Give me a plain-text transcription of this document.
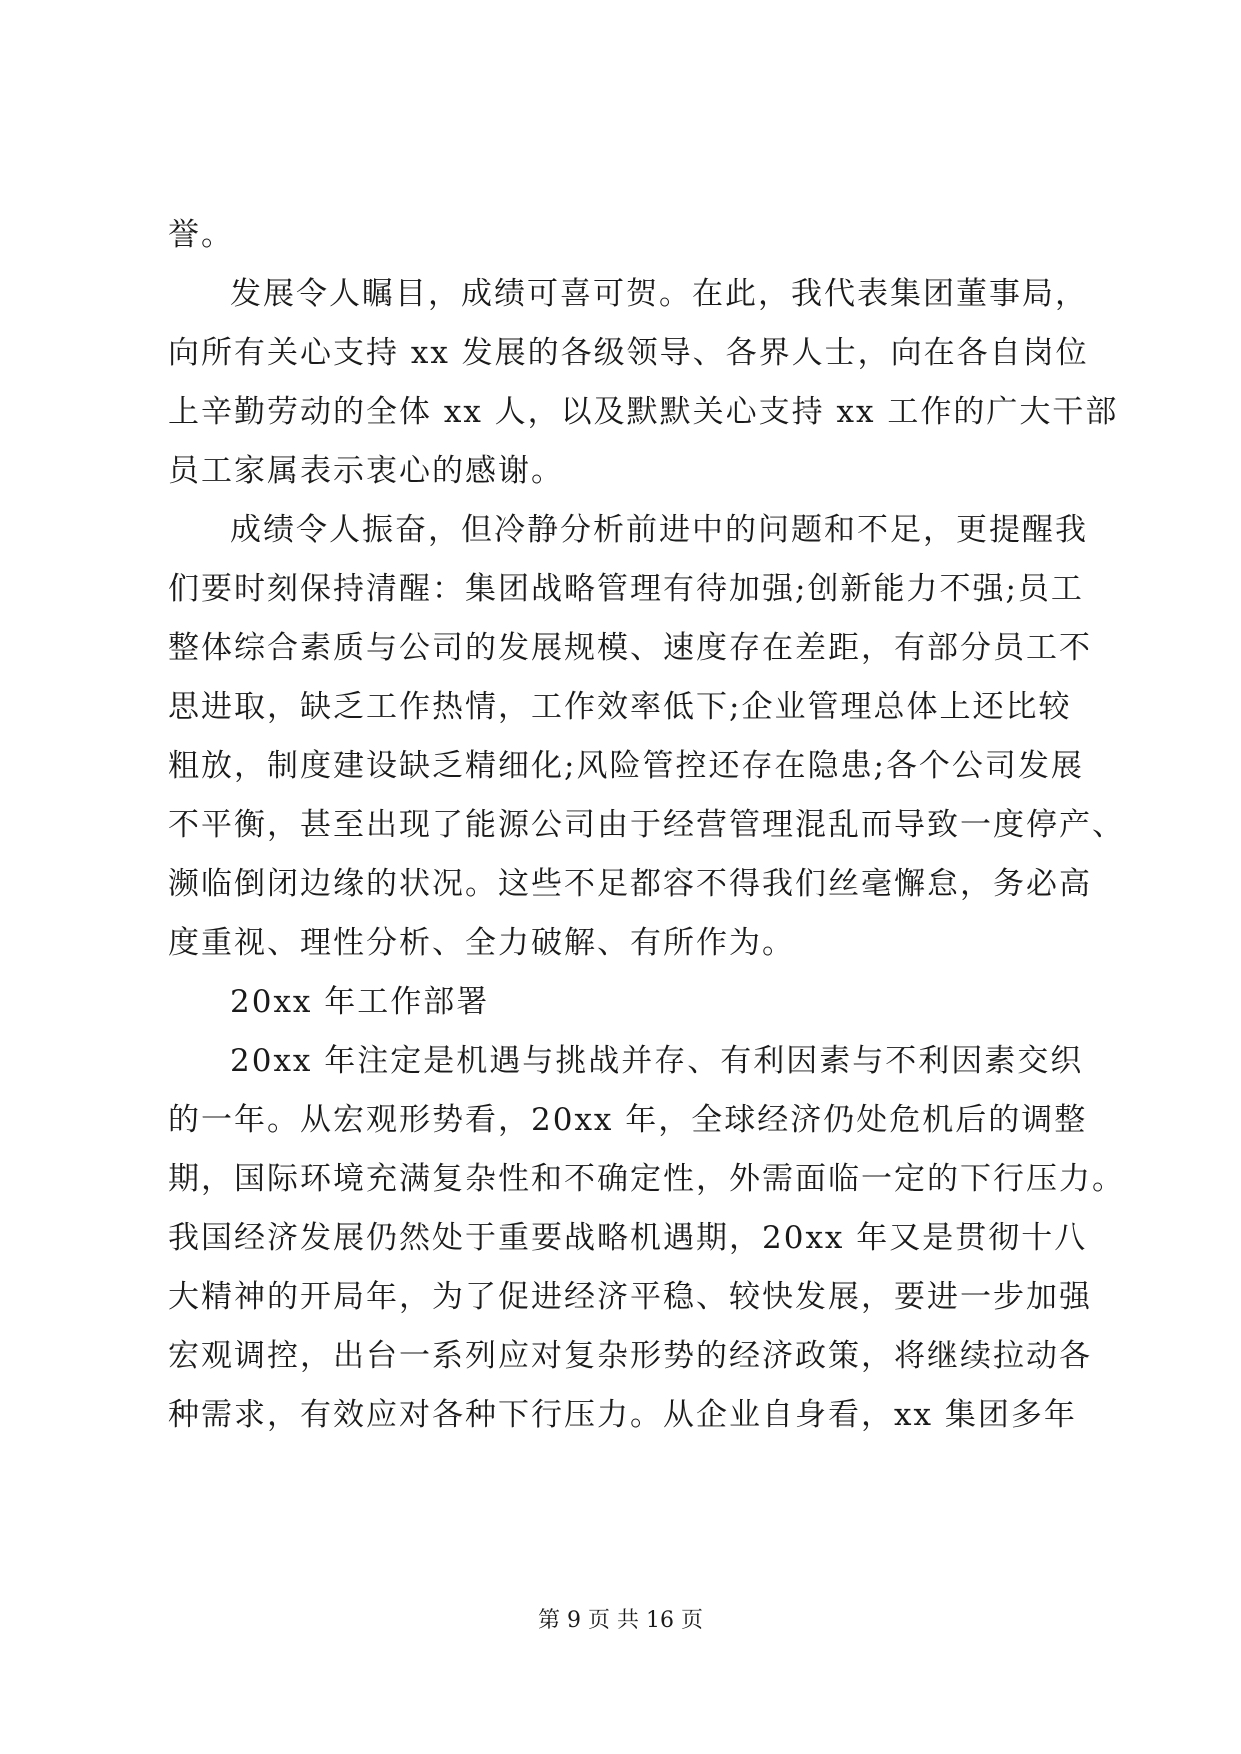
誉。
发展令人瞩目，成绩可喜可贺。在此，我代表集团董事局，
向所有关心支持 xx 发展的各级领导、各界人士，向在各自岗位
上辛勤劳动的全体 xx 人，以及默默关心支持 xx 工作的广大干部
员工家属表示衷心的感谢。
成绩令人振奋，但冷静分析前进中的问题和不足，更提醒我
们要时刻保持清醒：集团战略管理有待加强;创新能力不强;员工
整体综合素质与公司的发展规模、速度存在差距，有部分员工不
思进取，缺乏工作热情，工作效率低下;企业管理总体上还比较
粗放，制度建设缺乏精细化;风险管控还存在隐患;各个公司发展
不平衡，甚至出现了能源公司由于经营管理混乱而导致一度停产、
濒临倒闭边缘的状况。这些不足都容不得我们丝毫懈怠，务必高
度重视、理性分析、全力破解、有所作为。
20xx 年工作部署
20xx 年注定是机遇与挑战并存、有利因素与不利因素交织
的一年。从宏观形势看，20xx 年，全球经济仍处危机后的调整
期，国际环境充满复杂性和不确定性，外需面临一定的下行压力。
我国经济发展仍然处于重要战略机遇期，20xx 年又是贯彻十八
大精神的开局年，为了促进经济平稳、较快发展，要进一步加强
宏观调控，出台一系列应对复杂形势的经济政策，将继续拉动各
种需求，有效应对各种下行压力。从企业自身看，xx 集团多年
第 9 页 共 16 页
